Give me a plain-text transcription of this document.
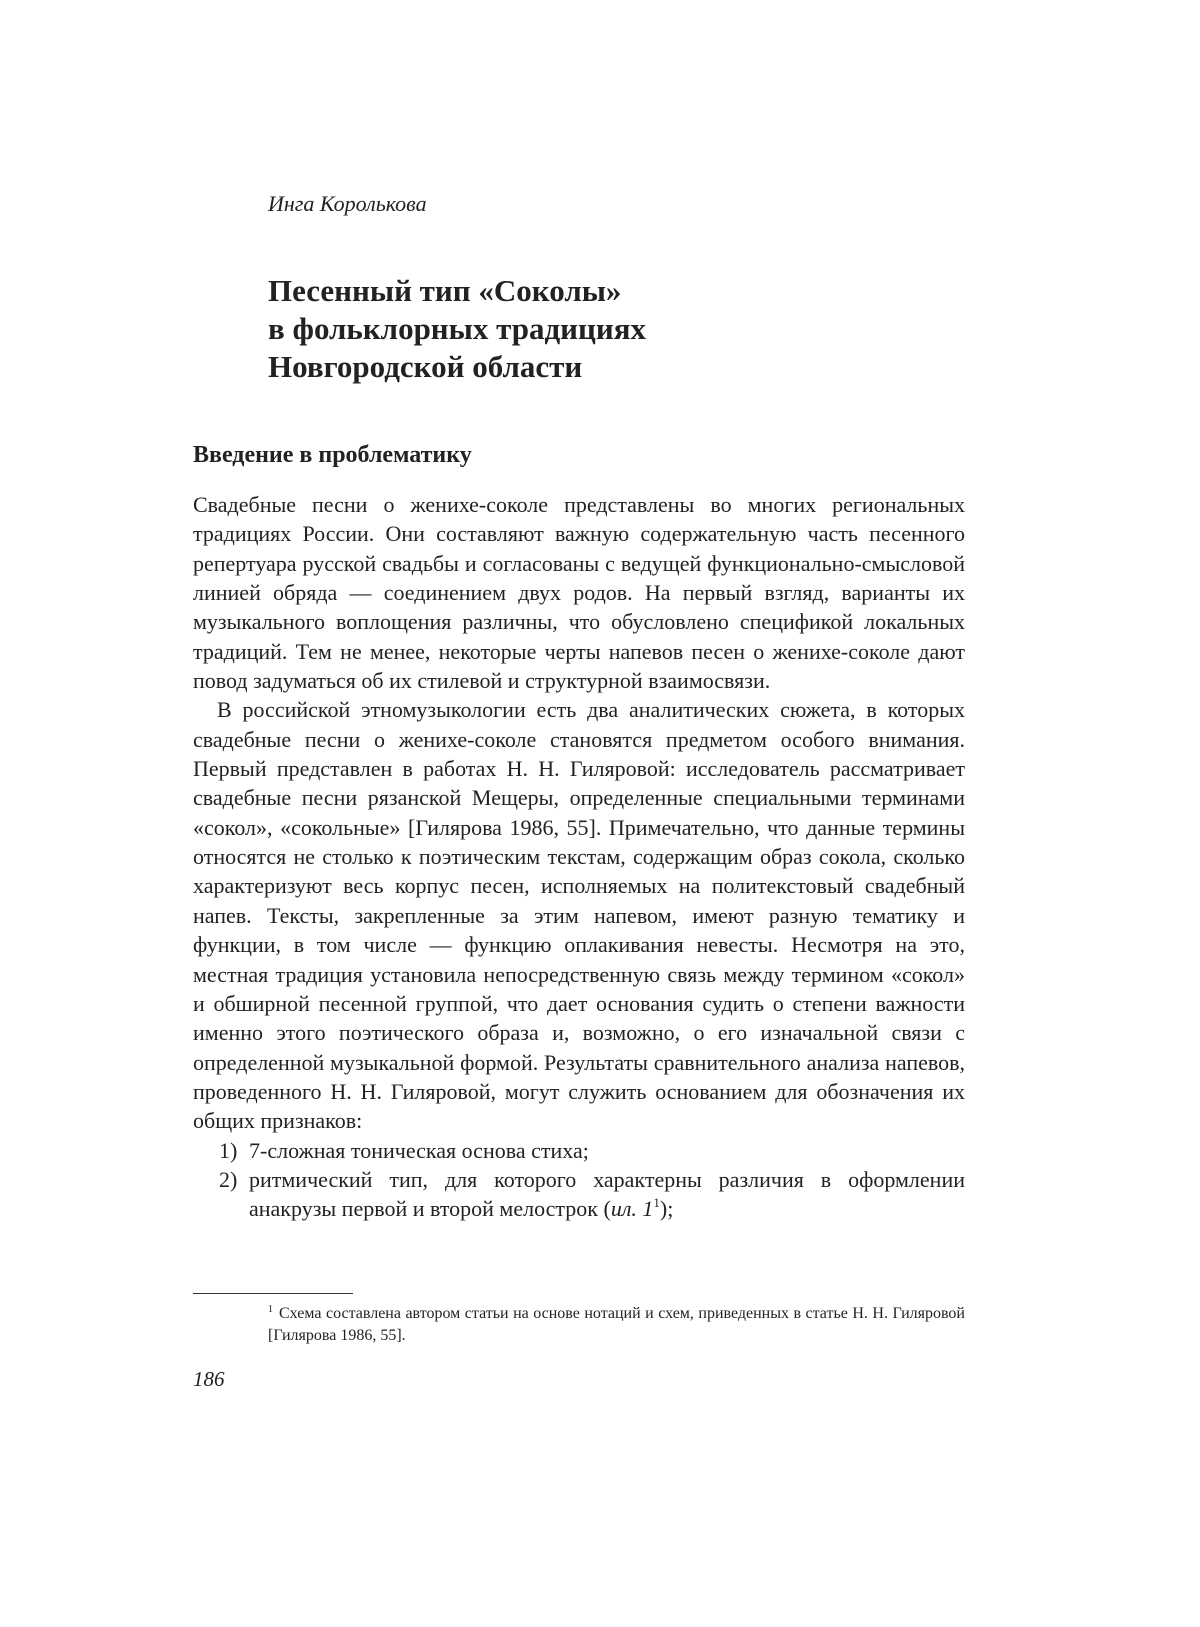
Инга Королькова
Песенный тип «Соколы»
в фольклорных традициях
Новгородской области
Введение в проблематику

Свадебные песни о женихе-соколе представлены во многих региональ­ных традициях России. Они составляют важную содержательную часть песенного репертуара русской свадьбы и согласованы с ведущей функ­ционально-смысловой линией обряда — соединением двух родов. На первый взгляд, варианты их музыкального воплощения различны, что обусловлено спецификой локальных традиций. Тем не менее, некоторые черты напевов песен о женихе-соколе дают повод задуматься об их сти­левой и структурной взаимосвязи.

В российской этномузыкологии есть два аналитических сюжета, в ко­торых свадебные песни о женихе-соколе становятся предметом особого внимания. Первый представлен в работах Н. Н. Гиляровой: исследова­тель рассматривает свадебные песни рязанской Мещеры, определенные специальными терминами «сокол», «сокольные» [Гилярова 1986, 55]. Примечательно, что данные термины относятся не столько к поэтиче­ским текстам, содержащим образ сокола, сколько характеризуют весь корпус песен, исполняемых на политекстовый свадебный напев. Текс­ты, закрепленные за этим напевом, имеют разную тематику и функции, в том числе — функцию оплакивания невесты. Несмотря на это, местная традиция установила непосредственную связь между термином «сокол» и обширной песенной группой, что дает основания судить о степени важности именно этого поэтического образа и, возможно, о его изна­чальной связи с определенной музыкальной формой. Результаты сравни­тельного анализа напевов, проведенного Н. Н. Гиляровой, могут служить основанием для обозначения их общих признаков:

1) 7-сложная тоническая основа стиха;
2) ритмический тип, для которого характерны различия в оформле­нии анакрузы первой и второй мелострок (ил. 11);
1 Схема составлена автором статьи на основе нотаций и схем, приведенных в статье Н. Н. Гиляровой [Гилярова 1986, 55].
186
